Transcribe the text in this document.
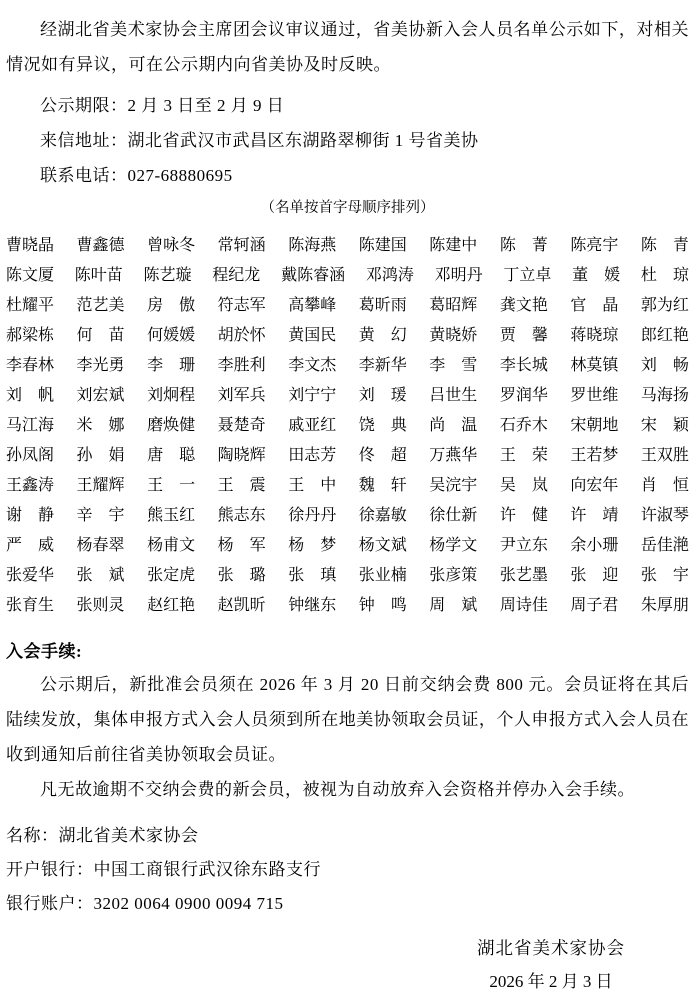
经湖北省美术家协会主席团会议审议通过，省美协新入会人员名单公示如下，对相关情况如有异议，可在公示期内向省美协及时反映。

公示期限：2 月 3 日至 2 月 9 日
来信地址：湖北省武汉市武昌区东湖路翠柳街 1 号省美协
联系电话：027-68880695
（名单按首字母顺序排列）
曹晓晶 曹鑫德 曾咏冬 常轲涵 陈海燕 陈建国 陈建中 陈　菁 陈亮宇 陈　青
陈文厦 陈叶苗 陈艺璇 程纪龙 戴陈睿涵 邓鸿涛 邓明丹 丁立卓 董　媛 杜　琼
杜耀平 范艺美 房　傲 符志军 高攀峰 葛昕雨 葛昭辉 龚文艳 官　晶 郭为红
郝梁栋 何　苗 何媛媛 胡於怀 黄国民 黄　幻 黄晓娇 贾　馨 蒋晓琼 郎红艳
李春林 李光勇 李　珊 李胜利 李文杰 李新华 李　雪 李长城 林莫镇 刘　畅
刘　帆 刘宏斌 刘炯程 刘军兵 刘宁宁 刘　瑗 吕世生 罗润华 罗世维 马海扬
马江海 米　娜 磨焕健 聂楚奇 戚亚红 饶　典 尚　温 石乔木 宋朝地 宋　颖
孙凤阁 孙　娟 唐　聪 陶晓辉 田志芳 佟　超 万燕华 王　荣 王若梦 王双胜
王鑫涛 王耀辉 王　一 王　震 王　中 魏　轩 吴浣宇 吴　岚 向宏年 肖　恒
谢　静 辛　宇 熊玉红 熊志东 徐丹丹 徐嘉敏 徐仕新 许　健 许　靖 许淑琴
严　威 杨春翠 杨甫文 杨　军 杨　梦 杨文斌 杨学文 尹立东 余小珊 岳佳滟
张爱华 张　斌 张定虎 张　璐 张　瑱 张业楠 张彦策 张艺墨 张　迎 张　宇
张育生 张则灵 赵红艳 赵凯昕 钟继东 钟　鸣 周　斌 周诗佳 周子君 朱厚朋
入会手续:

公示期后，新批准会员须在 2026 年 3 月 20 日前交纳会费 800 元。会员证将在其后陆续发放，集体申报方式入会人员须到所在地美协领取会员证，个人申报方式入会人员在收到通知后前往省美协领取会员证。

凡无故逾期不交纳会费的新会员，被视为自动放弃入会资格并停办入会手续。

名称：湖北省美术家协会
开户银行：中国工商银行武汉徐东路支行
银行账户：3202 0064 0900 0094 715
湖北省美术家协会
2026 年 2 月 3 日
